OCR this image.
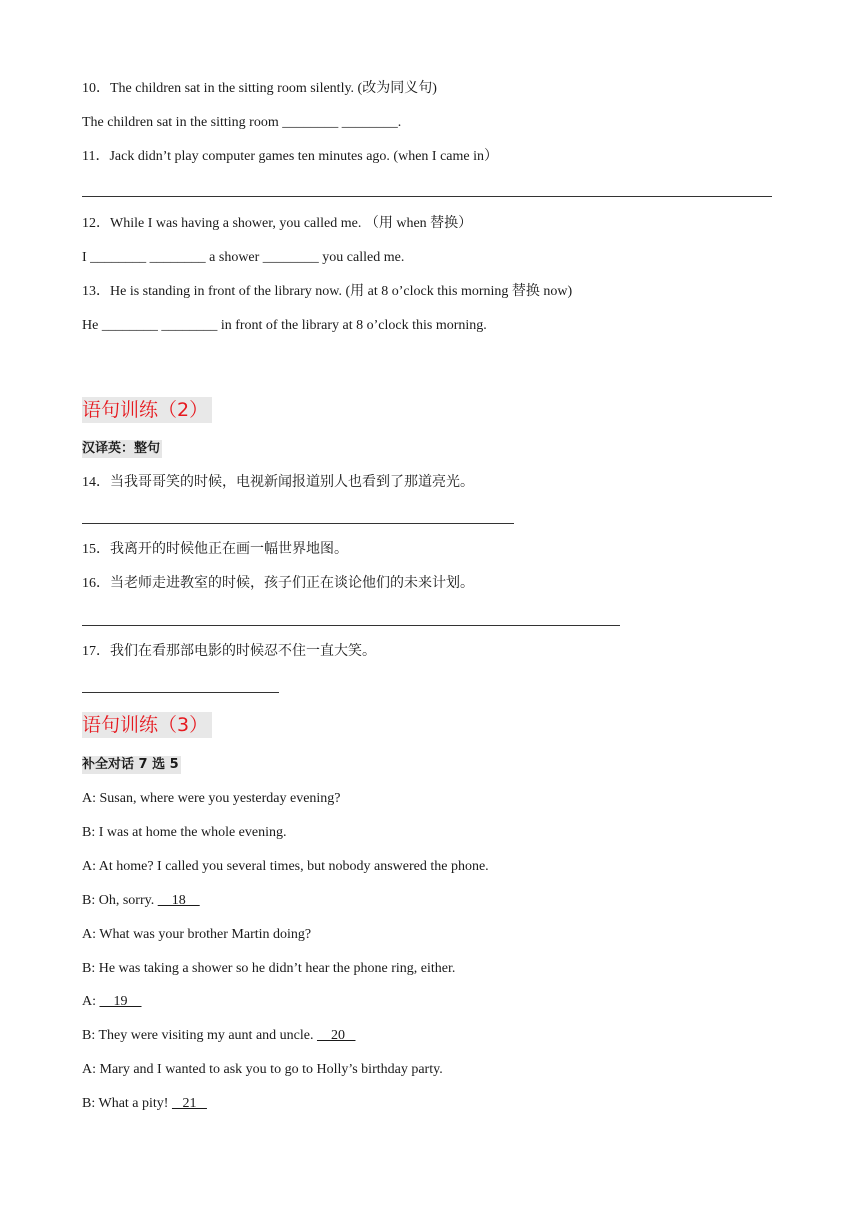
10．The children sat in the sitting room silently. (改为同义句)
The children sat in the sitting room ________ ________.
11．Jack didn’t play computer games ten minutes ago. (when I came in）
12．While I was having a shower, you called me. （用 when 替换）
I ________ ________ a shower ________ you called me.
13．He is standing in front of the library now. (用 at 8 o’clock this morning 替换 now)
He ________ ________ in front of the library at 8 o’clock this morning.
语句训练（2）
汉译英：整句
14．当我哥哥笑的时候，电视新闻报道别人也看到了那道亮光。
15．我离开的时候他正在画一幅世界地图。
16．当老师走进教室的时候，孩子们正在谈论他们的未来计划。
17．我们在看那部电影的时候忍不住一直大笑。
语句训练（3）
补全对话 7 选 5
A: Susan, where were you yesterday evening?
B: I was at home the whole evening.
A: At home? I called you several times, but nobody answered the phone.
B: Oh, sorry.     18
A: What was your brother Martin doing?
B: He was taking a shower so he didn’t hear the phone ring, either.
A:     19
B: They were visiting my aunt and uncle.     20
A: Mary and I wanted to ask you to go to Holly’s birthday party.
B: What a pity!    21
